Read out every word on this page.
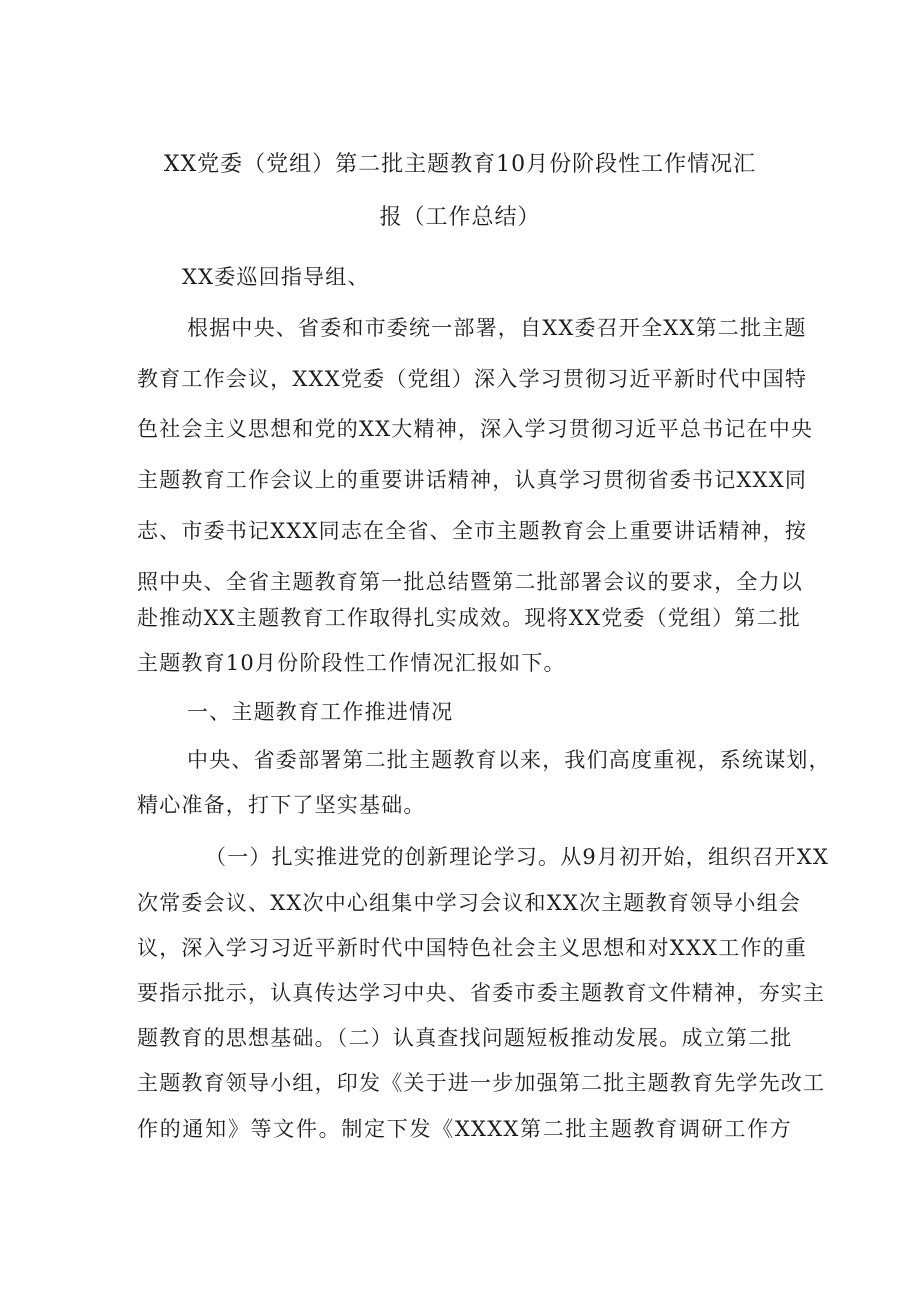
XX党委（党组）第二批主题教育10月份阶段性工作情况汇
报（工作总结）
XX委巡回指导组、
根据中央、省委和市委统一部署，自XX委召开全XX第二批主题
教育工作会议，XXX党委（党组）深入学习贯彻习近平新时代中国特
色社会主义思想和党的XX大精神，深入学习贯彻习近平总书记在中央
主题教育工作会议上的重要讲话精神，认真学习贯彻省委书记XXX同
志、市委书记XXX同志在全省、全市主题教育会上重要讲话精神，按
照中央、全省主题教育第一批总结暨第二批部署会议的要求，全力以
赴推动XX主题教育工作取得扎实成效。现将XX党委（党组）第二批
主题教育10月份阶段性工作情况汇报如下。
一、主题教育工作推进情况
中央、省委部署第二批主题教育以来，我们高度重视，系统谋划，
精心准备，打下了坚实基础。
（一）扎实推进党的创新理论学习。从9月初开始，组织召开XX
次常委会议、XX次中心组集中学习会议和XX次主题教育领导小组会
议，深入学习习近平新时代中国特色社会主义思想和对XXX工作的重
要指示批示，认真传达学习中央、省委市委主题教育文件精神，夯实主
题教育的思想基础。（二）认真查找问题短板推动发展。成立第二批
主题教育领导小组，印发《关于进一步加强第二批主题教育先学先改工
作的通知》等文件。制定下发《XXXX第二批主题教育调研工作方
